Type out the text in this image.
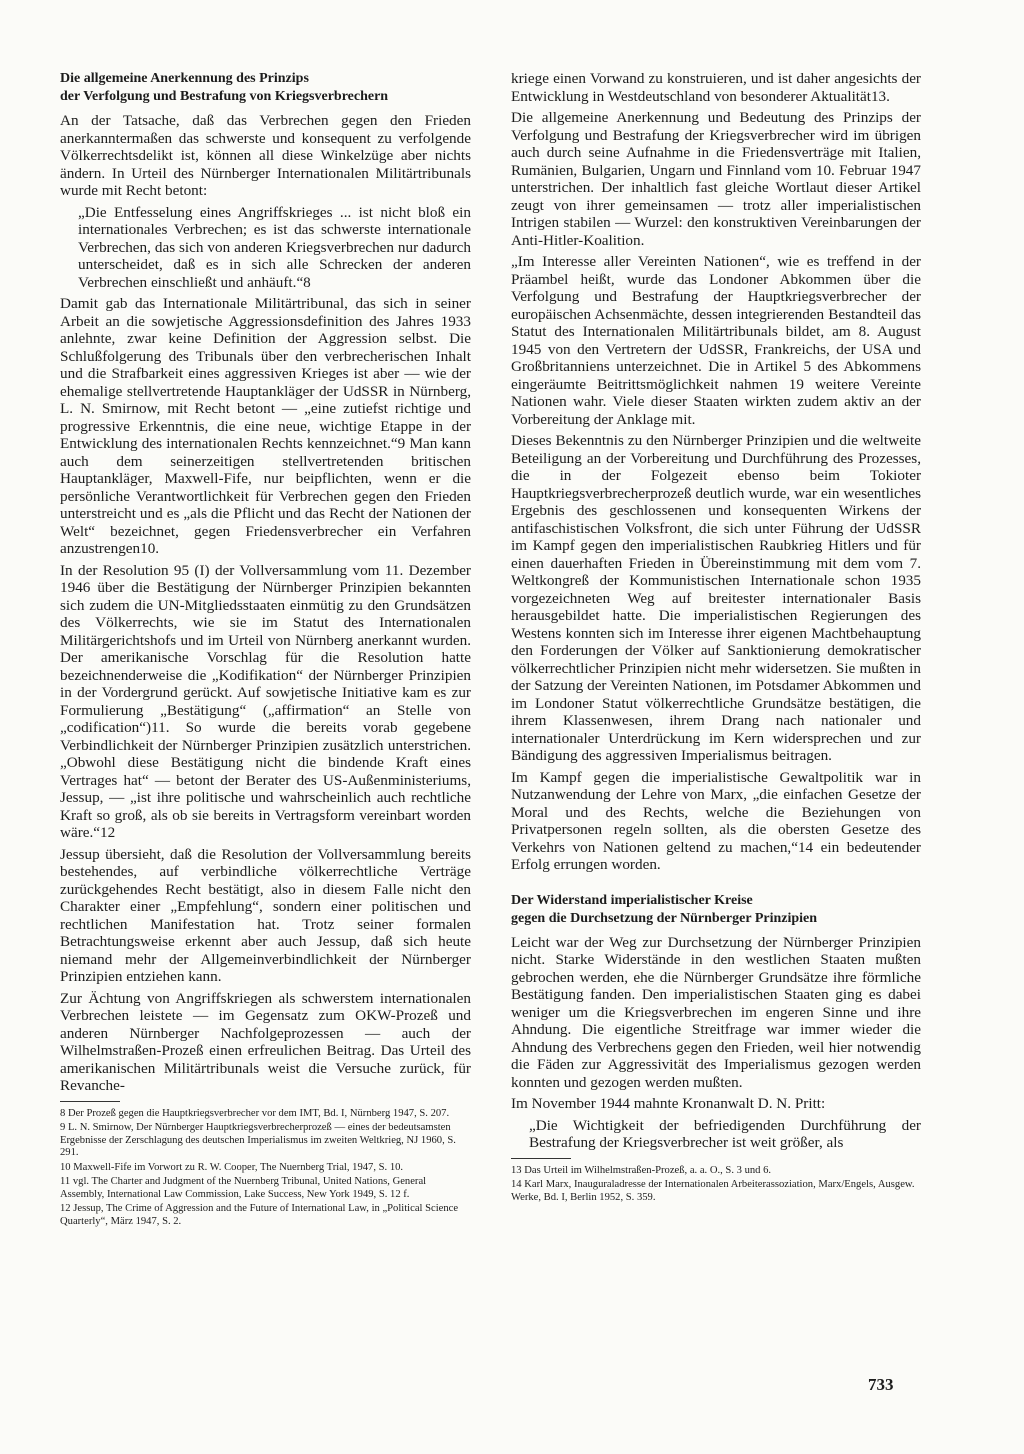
Die allgemeine Anerkennung des Prinzips
der Verfolgung und Bestrafung von Kriegsverbrechern

An der Tatsache, daß das Verbrechen gegen den Frieden anerkanntermaßen das schwerste und konsequent zu verfolgende Völkerrechtsdelikt ist, können all diese Winkelzüge aber nichts ändern. In Urteil des Nürnberger Internationalen Militärtribunals wurde mit Recht betont:

„Die Entfesselung eines Angriffskrieges ... ist nicht bloß ein internationales Verbrechen; es ist das schwerste internationale Verbrechen, das sich von anderen Kriegsverbrechen nur dadurch unterscheidet, daß es in sich alle Schrecken der anderen Verbrechen einschließt und anhäuft.“8

Damit gab das Internationale Militärtribunal, das sich in seiner Arbeit an die sowjetische Aggressionsdefinition des Jahres 1933 anlehnte, zwar keine Definition der Aggression selbst. Die Schlußfolgerung des Tribunals über den verbrecherischen Inhalt und die Strafbarkeit eines aggressiven Krieges ist aber — wie der ehemalige stellvertretende Hauptankläger der UdSSR in Nürnberg, L. N. Smirnow, mit Recht betont — „eine zutiefst richtige und progressive Erkenntnis, die eine neue, wichtige Etappe in der Entwicklung des internationalen Rechts kennzeichnet.“9 Man kann auch dem seinerzeitigen stellvertretenden britischen Hauptankläger, Maxwell-Fife, nur beipflichten, wenn er die persönliche Verantwortlichkeit für Verbrechen gegen den Frieden unterstreicht und es „als die Pflicht und das Recht der Nationen der Welt“ bezeichnet, gegen Friedensverbrecher ein Verfahren anzustrengen10.

In der Resolution 95 (I) der Vollversammlung vom 11. Dezember 1946 über die Bestätigung der Nürnberger Prinzipien bekannten sich zudem die UN-Mitgliedsstaaten einmütig zu den Grundsätzen des Völkerrechts, wie sie im Statut des Internationalen Militärgerichtshofs und im Urteil von Nürnberg anerkannt wurden. Der amerikanische Vorschlag für die Resolution hatte bezeichnenderweise die „Kodifikation“ der Nürnberger Prinzipien in der Vordergrund gerückt. Auf sowjetische Initiative kam es zur Formulierung „Bestätigung“ („affirmation“ an Stelle von „codification“)11. So wurde die bereits vorab gegebene Verbindlichkeit der Nürnberger Prinzipien zusätzlich unterstrichen. „Obwohl diese Bestätigung nicht die bindende Kraft eines Vertrages hat“ — betont der Berater des US-Außenministeriums, Jessup, — „ist ihre politische und wahrscheinlich auch rechtliche Kraft so groß, als ob sie bereits in Vertragsform vereinbart worden wäre.“12

Jessup übersieht, daß die Resolution der Vollversammlung bereits bestehendes, auf verbindliche völkerrechtliche Verträge zurückgehendes Recht bestätigt, also in diesem Falle nicht den Charakter einer „Empfehlung“, sondern einer politischen und rechtlichen Manifestation hat. Trotz seiner formalen Betrachtungsweise erkennt aber auch Jessup, daß sich heute niemand mehr der Allgemeinverbindlichkeit der Nürnberger Prinzipien entziehen kann.

Zur Ächtung von Angriffskriegen als schwerstem internationalen Verbrechen leistete — im Gegensatz zum OKW-Prozeß und anderen Nürnberger Nachfolgeprozessen — auch der Wilhelmstraßen-Prozeß einen erfreulichen Beitrag. Das Urteil des amerikanischen Militärtribunals weist die Versuche zurück, für Revanche-

8 Der Prozeß gegen die Hauptkriegsverbrecher vor dem IMT, Bd. I, Nürnberg 1947, S. 207.

9 L. N. Smirnow, Der Nürnberger Hauptkriegsverbrecherprozeß — eines der bedeutsamsten Ergebnisse der Zerschlagung des deutschen Imperialismus im zweiten Weltkrieg, NJ 1960, S. 291.

10 Maxwell-Fife im Vorwort zu R. W. Cooper, The Nuernberg Trial, 1947, S. 10.

11 vgl. The Charter and Judgment of the Nuernberg Tribunal, United Nations, General Assembly, International Law Commission, Lake Success, New York 1949, S. 12 f.

12 Jessup, The Crime of Aggression and the Future of International Law, in „Political Science Quarterly“, März 1947, S. 2.

kriege einen Vorwand zu konstruieren, und ist daher angesichts der Entwicklung in Westdeutschland von besonderer Aktualität13.

Die allgemeine Anerkennung und Bedeutung des Prinzips der Verfolgung und Bestrafung der Kriegsverbrecher wird im übrigen auch durch seine Aufnahme in die Friedensverträge mit Italien, Rumänien, Bulgarien, Ungarn und Finnland vom 10. Februar 1947 unterstrichen. Der inhaltlich fast gleiche Wortlaut dieser Artikel zeugt von ihrer gemeinsamen — trotz aller imperialistischen Intrigen stabilen — Wurzel: den konstruktiven Vereinbarungen der Anti-Hitler-Koalition.

„Im Interesse aller Vereinten Nationen“, wie es treffend in der Präambel heißt, wurde das Londoner Abkommen über die Verfolgung und Bestrafung der Hauptkriegsverbrecher der europäischen Achsenmächte, dessen integrierenden Bestandteil das Statut des Internationalen Militärtribunals bildet, am 8. August 1945 von den Vertretern der UdSSR, Frankreichs, der USA und Großbritanniens unterzeichnet. Die in Artikel 5 des Abkommens eingeräumte Beitrittsmöglichkeit nahmen 19 weitere Vereinte Nationen wahr. Viele dieser Staaten wirkten zudem aktiv an der Vorbereitung der Anklage mit.

Dieses Bekenntnis zu den Nürnberger Prinzipien und die weltweite Beteiligung an der Vorbereitung und Durchführung des Prozesses, die in der Folgezeit ebenso beim Tokioter Hauptkriegsverbrecherprozeß deutlich wurde, war ein wesentliches Ergebnis des geschlossenen und konsequenten Wirkens der antifaschistischen Volksfront, die sich unter Führung der UdSSR im Kampf gegen den imperialistischen Raubkrieg Hitlers und für einen dauerhaften Frieden in Übereinstimmung mit dem vom 7. Weltkongreß der Kommunistischen Internationale schon 1935 vorgezeichneten Weg auf breitester internationaler Basis herausgebildet hatte. Die imperialistischen Regierungen des Westens konnten sich im Interesse ihrer eigenen Machtbehauptung den Forderungen der Völker auf Sanktionierung demokratischer völkerrechtlicher Prinzipien nicht mehr widersetzen. Sie mußten in der Satzung der Vereinten Nationen, im Potsdamer Abkommen und im Londoner Statut völkerrechtliche Grundsätze bestätigen, die ihrem Klassenwesen, ihrem Drang nach nationaler und internationaler Unterdrückung im Kern widersprechen und zur Bändigung des aggressiven Imperialismus beitragen.

Im Kampf gegen die imperialistische Gewaltpolitik war in Nutzanwendung der Lehre von Marx, „die einfachen Gesetze der Moral und des Rechts, welche die Beziehungen von Privatpersonen regeln sollten, als die obersten Gesetze des Verkehrs von Nationen geltend zu machen,“14 ein bedeutender Erfolg errungen worden.

Der Widerstand imperialistischer Kreise
gegen die Durchsetzung der Nürnberger Prinzipien

Leicht war der Weg zur Durchsetzung der Nürnberger Prinzipien nicht. Starke Widerstände in den westlichen Staaten mußten gebrochen werden, ehe die Nürnberger Grundsätze ihre förmliche Bestätigung fanden. Den imperialistischen Staaten ging es dabei weniger um die Kriegsverbrechen im engeren Sinne und ihre Ahndung. Die eigentliche Streitfrage war immer wieder die Ahndung des Verbrechens gegen den Frieden, weil hier notwendig die Fäden zur Aggressivität des Imperialismus gezogen werden konnten und gezogen werden mußten.

Im November 1944 mahnte Kronanwalt D. N. Pritt:

„Die Wichtigkeit der befriedigenden Durchführung der Bestrafung der Kriegsverbrecher ist weit größer, als

13 Das Urteil im Wilhelmstraßen-Prozeß, a. a. O., S. 3 und 6.

14 Karl Marx, Inauguraladresse der Internationalen Arbeiterassoziation, Marx/Engels, Ausgew. Werke, Bd. I, Berlin 1952, S. 359.

733
